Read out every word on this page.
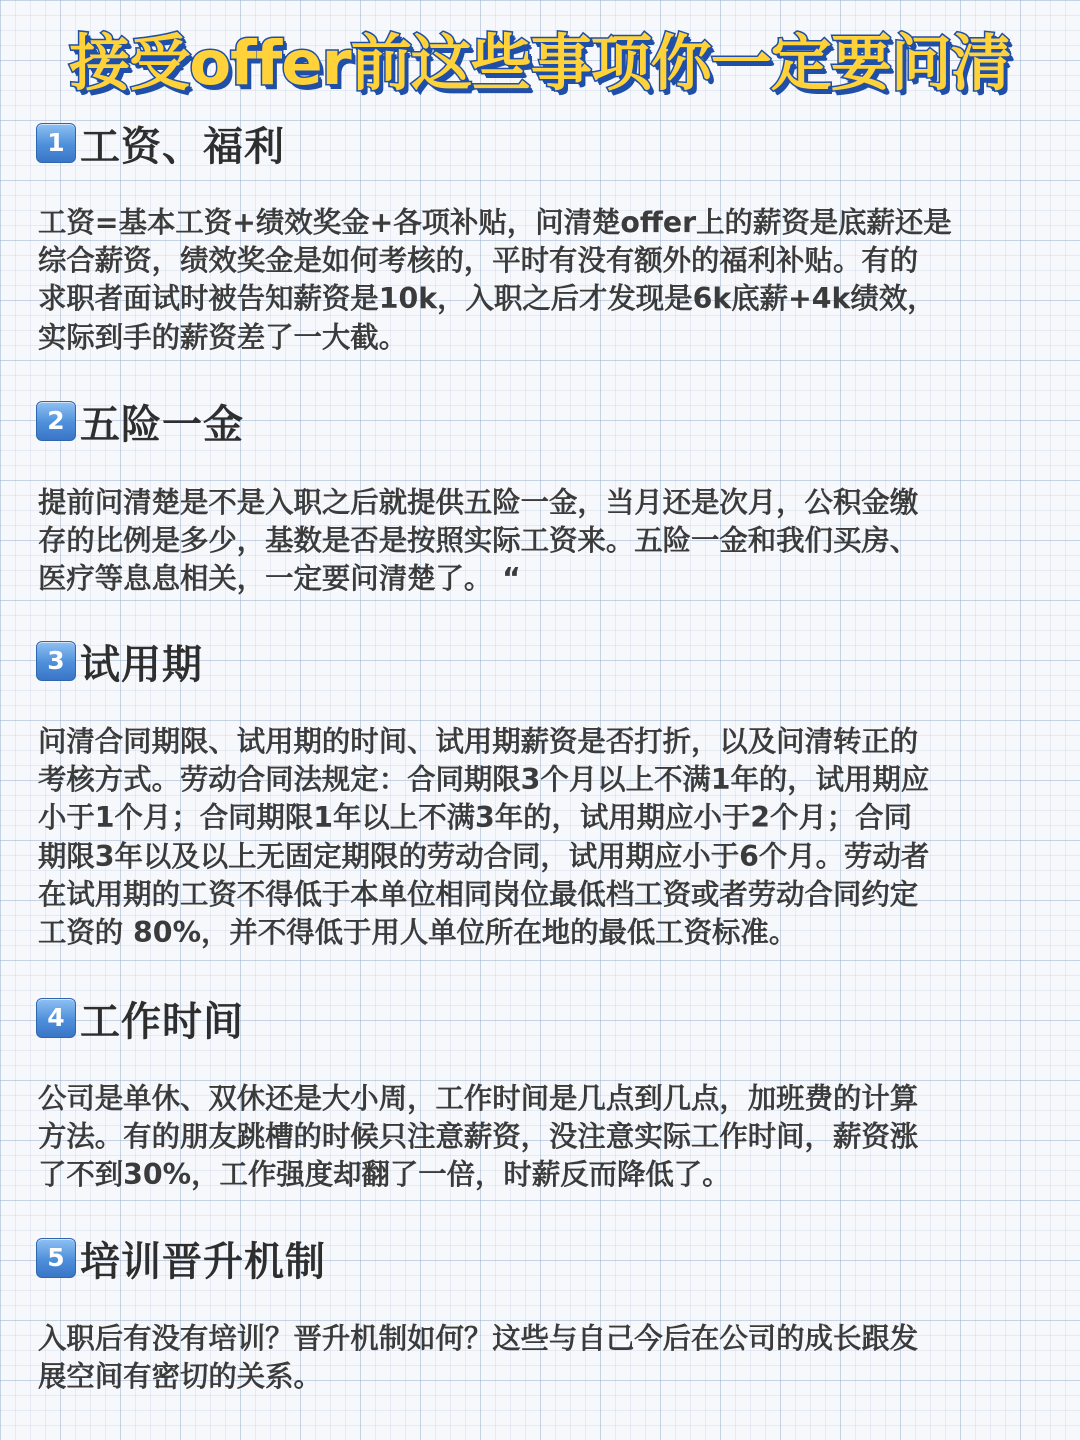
接受offer前这些事项你一定要问清
1 工资、福利

工资=基本工资+绩效奖金+各项补贴，问清楚offer上的薪资是底薪还是
综合薪资，绩效奖金是如何考核的，平时有没有额外的福利补贴。有的
求职者面试时被告知薪资是10k，入职之后才发现是6k底薪+4k绩效，
实际到手的薪资差了一大截。

2 五险一金

提前问清楚是不是入职之后就提供五险一金，当月还是次月，公积金缴
存的比例是多少，基数是否是按照实际工资来。五险一金和我们买房、
医疗等息息相关，一定要问清楚了。 “

3 试用期

问清合同期限、试用期的时间、试用期薪资是否打折，以及问清转正的
考核方式。劳动合同法规定：合同期限3个月以上不满1年的，试用期应
小于1个月；合同期限1年以上不满3年的，试用期应小于2个月；合同
期限3年以及以上无固定期限的劳动合同，试用期应小于6个月。劳动者
在试用期的工资不得低于本单位相同岗位最低档工资或者劳动合同约定
工资的 80%，并不得低于用人单位所在地的最低工资标准。

4 工作时间

公司是单休、双休还是大小周，工作时间是几点到几点，加班费的计算
方法。有的朋友跳槽的时候只注意薪资，没注意实际工作时间，薪资涨
了不到30%，工作强度却翻了一倍，时薪反而降低了。

5 培训晋升机制

入职后有没有培训？晋升机制如何？这些与自己今后在公司的成长跟发
展空间有密切的关系。
